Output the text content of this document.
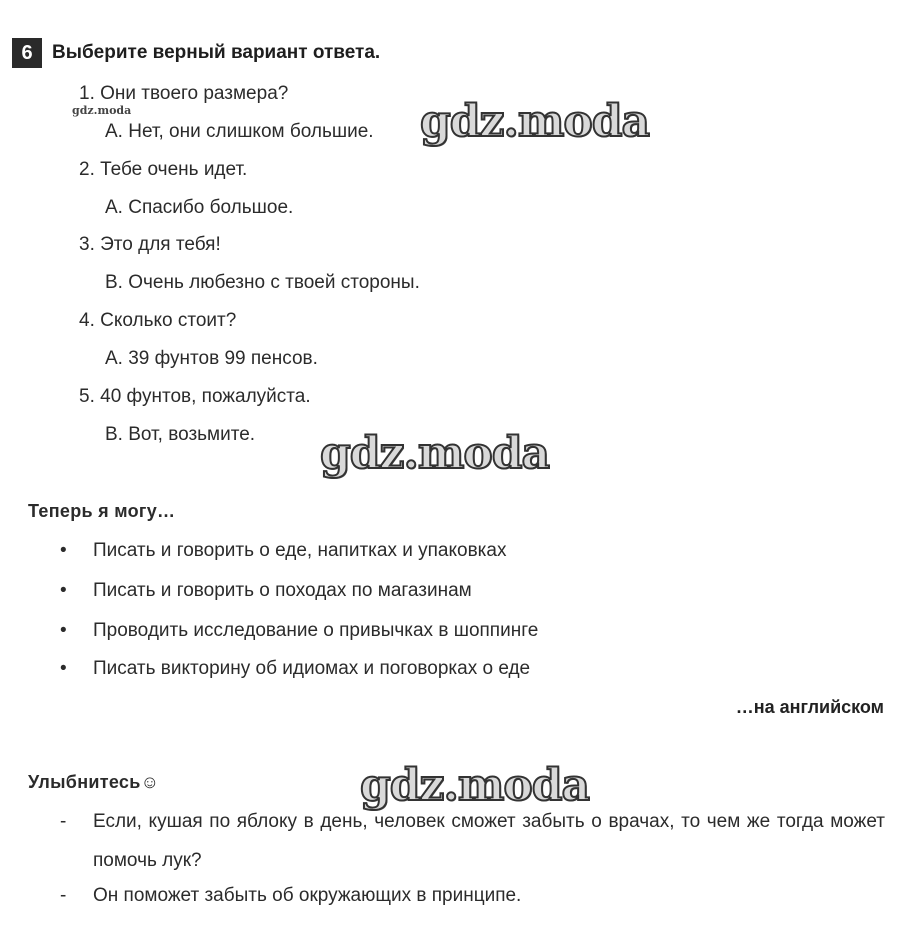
6	Выберите верный вариант ответа.
1. Они твоего размера?
gdz.moda
A. Нет, они слишком большие.
2. Тебе очень идет.
A. Спасибо большое.
3. Это для тебя!
B. Очень любезно с твоей стороны.
4. Сколько стоит?
A. 39 фунтов 99 пенсов.
5. 40 фунтов, пожалуйста.
B. Вот, возьмите.
gdz.moda
gdz.moda
gdz.moda
Теперь я могу…
• Писать и говорить о еде, напитках и упаковках
• Писать и говорить о походах по магазинам
• Проводить исследование о привычках в шоппинге
• Писать викторину об идиомах и поговорках о еде
…на английском
Улыбнитесь☺
- Если, кушая по яблоку в день, человек сможет забыть о врачах, то чем же тогда может помочь лук?
- Он поможет забыть об окружающих в принципе.
